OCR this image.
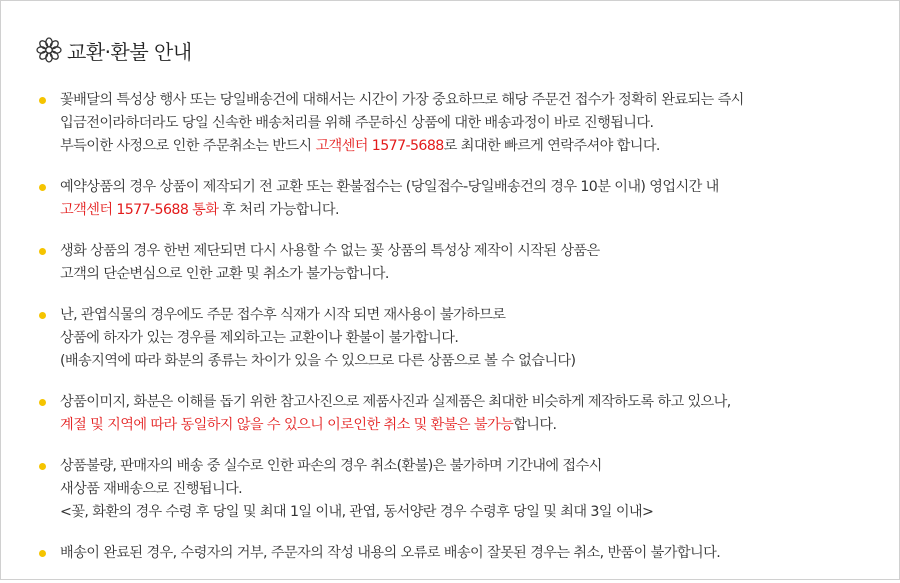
교환·환불 안내
꽃배달의 특성상 행사 또는 당일배송건에 대해서는 시간이 가장 중요하므로 해당 주문건 접수가 정확히 완료되는 즉시
입금전이라하더라도 당일 신속한 배송처리를 위해 주문하신 상품에 대한 배송과정이 바로 진행됩니다.
부득이한 사정으로 인한 주문취소는 반드시 고객센터 1577-5688로 최대한 빠르게 연락주셔야 합니다.
예약상품의 경우 상품이 제작되기 전 교환 또는 환불접수는 (당일접수-당일배송건의 경우 10분 이내) 영업시간 내
고객센터 1577-5688 통화 후 처리 가능합니다.
생화 상품의 경우 한번 제단되면 다시 사용할 수 없는 꽃 상품의 특성상 제작이 시작된 상품은
고객의 단순변심으로 인한 교환 및 취소가 불가능합니다.
난, 관엽식물의 경우에도 주문 접수후 식재가 시작 되면 재사용이 불가하므로
상품에 하자가 있는 경우를 제외하고는 교환이나 환불이 불가합니다.
(배송지역에 따라 화분의 종류는 차이가 있을 수 있으므로 다른 상품으로 볼 수 없습니다)
상품이미지, 화분은 이해를 돕기 위한 참고사진으로 제품사진과 실제품은 최대한 비슷하게 제작하도록 하고 있으나,
계절 및 지역에 따라 동일하지 않을 수 있으니 이로인한 취소 및 환불은 불가능합니다.
상품불량, 판매자의 배송 중 실수로 인한 파손의 경우 취소(환불)은 불가하며 기간내에 접수시
새상품 재배송으로 진행됩니다.
<꽃, 화환의 경우 수령 후 당일 및 최대 1일 이내, 관엽, 동서양란 경우 수령후 당일 및 최대 3일 이내>
배송이 완료된 경우, 수령자의 거부, 주문자의 작성 내용의 오류로 배송이 잘못된 경우는 취소, 반품이 불가합니다.
